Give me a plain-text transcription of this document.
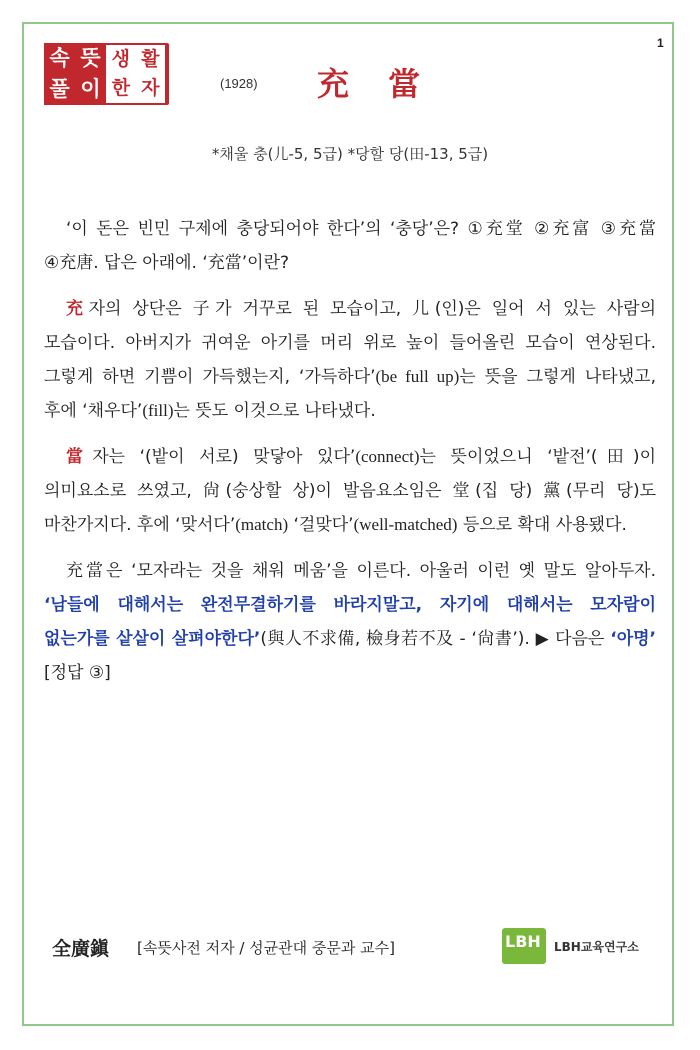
1
속 뜻
풀 이
생 활
한 자	(1928) 充 當
*채울 충(儿-5, 5급) *당할 당(田-13, 5급)

‘이 돈은 빈민 구제에 충당되어야 한다’의 ‘충당’은? ①充堂 ②充富 ③充當 ④充唐. 답은 아래에. ‘充當’이란?

充자의 상단은 子가 거꾸로 된 모습이고, 儿(인)은 일어 서 있는 사람의 모습이다. 아버지가 귀여운 아기를 머리 위로 높이 들어올린 모습이 연상된다. 그렇게 하면 기쁨이 가득했는지, ‘가득하다’(be full up)는 뜻을 그렇게 나타냈고, 후에 ‘채우다’(fill)는 뜻도 이것으로 나타냈다.

當자는 ‘(밭이 서로) 맞닿아 있다’(connect)는 뜻이었으니 ‘밭전’(田)이 의미요소로 쓰였고, 尙(숭상할 상)이 발음요소임은 堂(집 당) 黨(무리 당)도 마찬가지다. 후에 ‘맞서다’(match) ‘걸맞다’(well-matched) 등으로 확대 사용됐다.

充當은 ‘모자라는 것을 채워 메움’을 이른다. 아울러 이런 옛 말도 알아두자. ‘남들에 대해서는 완전무결하기를 바라지말고, 자기에 대해서는 모자람이 없는가를 샅샅이 살펴야한다’(與人不求備, 檢身若不及 - ‘尙書’). ▶ 다음은 ‘아명’ [정답 ③]

全廣鎭 [속뜻사전 저자 / 성균관대 중문과 교수]	LBH LBH교육연구소
